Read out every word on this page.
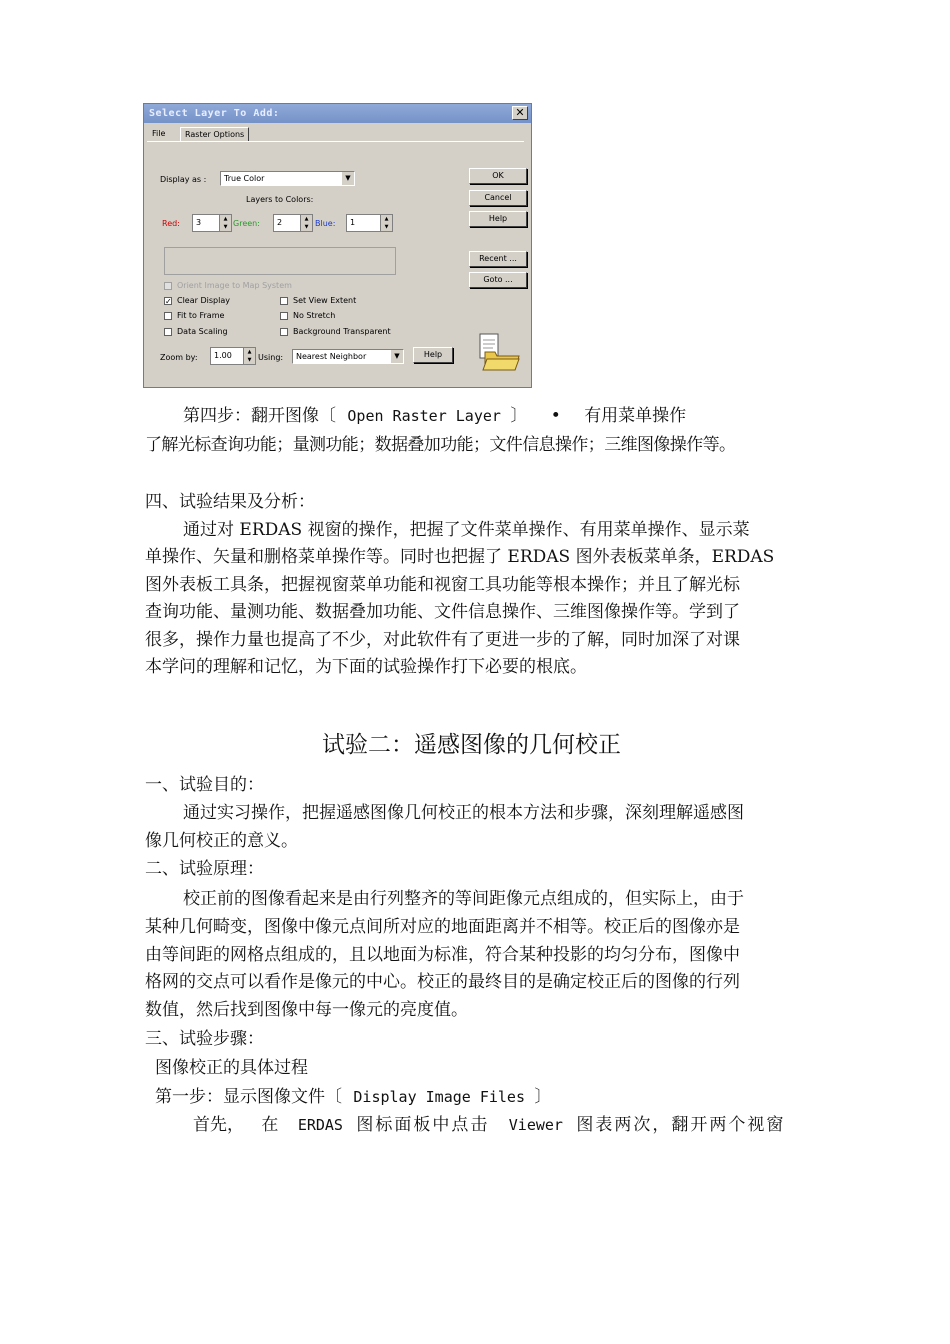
Select Layer To Add:	✕
File	Raster Options
Display as :	True Color	▼
Layers to Colors:
Red:	3	▲
▼ Green:	2	▲
▼ Blue:	1	▲
▼
OK
Cancel
Help
Recent ...
Goto ...
Orient Image to Map System
✓ Clear Display
Fit to Frame
Data Scaling
Set View Extent
No Stretch
Background Transparent
Zoom by:	1.00	▲
▼ Using:	Nearest Neighbor	▼	Help
第四步：翻开图像〔 Open Raster Layer 〕 • 有用菜单操作
了解光标查询功能；量测功能；数据叠加功能；文件信息操作；三维图像操作等。
四、试验结果及分析：
通过对 ERDAS 视窗的操作，把握了文件菜单操作、有用菜单操作、显示菜
单操作、矢量和删格菜单操作等。同时也把握了 ERDAS 图外表板菜单条，ERDAS
图外表板工具条，把握视窗菜单功能和视窗工具功能等根本操作；并且了解光标
查询功能、量测功能、数据叠加功能、文件信息操作、三维图像操作等。学到了
很多，操作力量也提高了不少，对此软件有了更进一步的了解，同时加深了对课
本学问的理解和记忆，为下面的试验操作打下必要的根底。
试验二：遥感图像的几何校正
一、试验目的：
通过实习操作，把握遥感图像几何校正的根本方法和步骤，深刻理解遥感图
像几何校正的意义。
二、试验原理：
校正前的图像看起来是由行列整齐的等间距像元点组成的，但实际上，由于
某种几何畸变，图像中像元点间所对应的地面距离并不相等。校正后的图像亦是
由等间距的网格点组成的，且以地面为标准，符合某种投影的均匀分布，图像中
格网的交点可以看作是像元的中心。校正的最终目的是确定校正后的图像的行列
数值，然后找到图像中每一像元的亮度值。
三、试验步骤：
图像校正的具体过程
第一步：显示图像文件〔 Display Image Files 〕
首先， 在 ERDAS 图标面板中点击 Viewer 图表两次，翻开两个视窗
